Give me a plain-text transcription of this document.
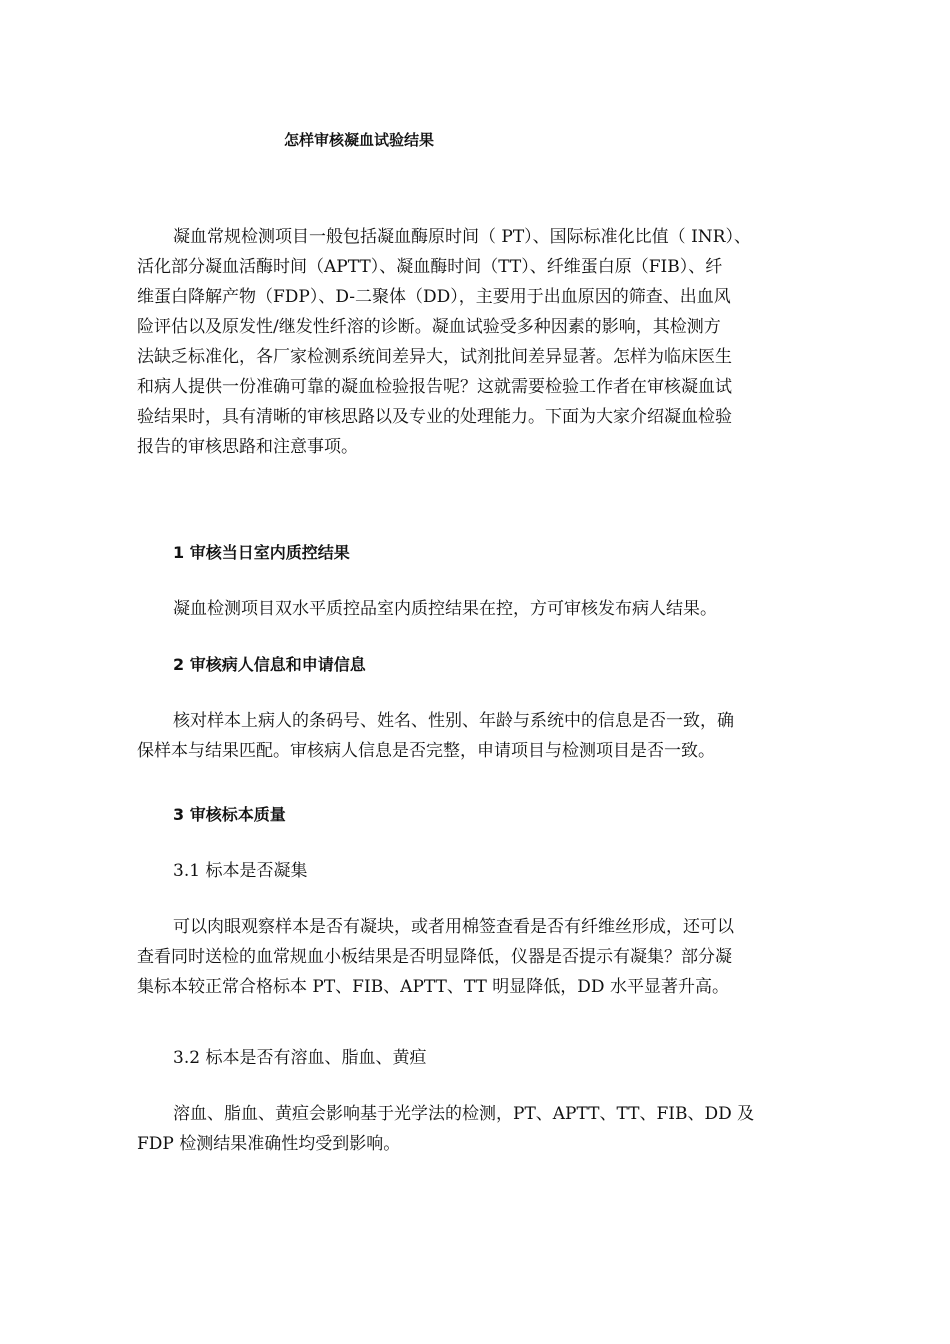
怎样审核凝血试验结果
凝血常规检测项目一般包括凝血酶原时间（ PT）、国际标准化比值（ INR）、
活化部分凝血活酶时间（APTT）、凝血酶时间（TT）、纤维蛋白原（FIB）、纤
维蛋白降解产物（FDP）、D-二聚体（DD），主要用于出血原因的筛查、出血风
险评估以及原发性/继发性纤溶的诊断。凝血试验受多种因素的影响，其检测方
法缺乏标准化，各厂家检测系统间差异大，试剂批间差异显著。怎样为临床医生
和病人提供一份准确可靠的凝血检验报告呢？这就需要检验工作者在审核凝血试
验结果时，具有清晰的审核思路以及专业的处理能力。下面为大家介绍凝血检验
报告的审核思路和注意事项。
1 审核当日室内质控结果
凝血检测项目双水平质控品室内质控结果在控，方可审核发布病人结果。
2 审核病人信息和申请信息
核对样本上病人的条码号、姓名、性别、年龄与系统中的信息是否一致，确
保样本与结果匹配。审核病人信息是否完整，申请项目与检测项目是否一致。
3 审核标本质量
3.1 标本是否凝集
可以肉眼观察样本是否有凝块，或者用棉签查看是否有纤维丝形成，还可以
查看同时送检的血常规血小板结果是否明显降低，仪器是否提示有凝集？部分凝
集标本较正常合格标本 PT、FIB、APTT、TT 明显降低，DD 水平显著升高。
3.2 标本是否有溶血、脂血、黄疸
溶血、脂血、黄疸会影响基于光学法的检测，PT、APTT、TT、FIB、DD 及
FDP 检测结果准确性均受到影响。
